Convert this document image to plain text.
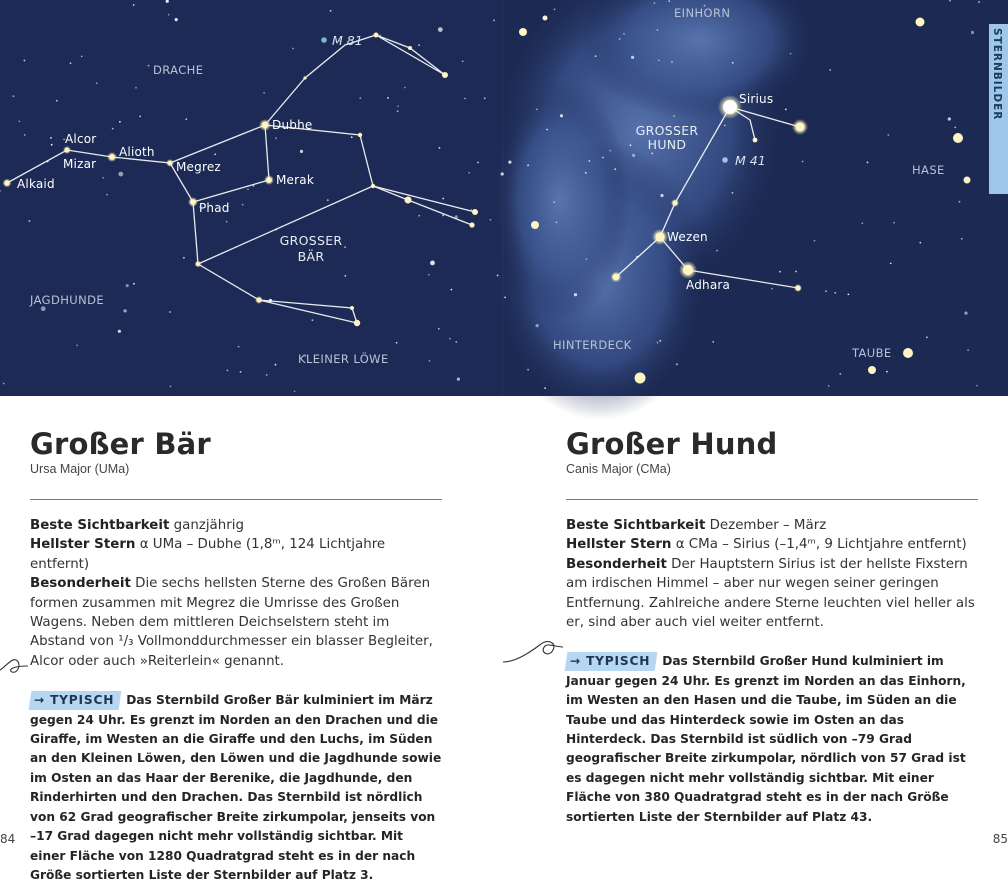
DRACHE
JAGDHUNDE
KLEINER LÖWE
GROSSER
BÄR
EINHORN
GROSSER
HUND
HASE
HINTERDECK
TAUBE
Alkaid
Mizar
Alcor
Alioth
Megrez
Dubhe
Merak
Phad
Sirius
Wezen
Adhara
M 81
M 41
STERNBILDER
Großer Bär
Ursa Major (UMa)
Beste Sichtbarkeit ganzjährig
Hellster Stern α UMa – Dubhe (1,8ᵐ, 124 Lichtjahre entfernt)
Besonderheit Die sechs hellsten Sterne des Großen Bären formen zusammen mit Megrez die Umrisse des Großen Wagens. Neben dem mittleren Deichselstern steht im Abstand von ¹/₃ Vollmonddurchmesser ein blasser Begleiter, Alcor oder auch »Reiterlein« genannt.
→ TYPISCH Das Sternbild Großer Bär kulminiert im März gegen 24 Uhr. Es grenzt im Norden an den Drachen und die Giraffe, im Westen an die Giraffe und den Luchs, im Süden an den Kleinen Löwen, den Löwen und die Jagdhunde sowie im Osten an das Haar der Berenike, die Jagdhunde, den Rinderhirten und den Drachen. Das Sternbild ist nördlich von 62 Grad geografischer Breite zirkumpolar, jenseits von –17 Grad dagegen nicht mehr vollständig sichtbar. Mit einer Fläche von 1280 Quadratgrad steht es in der nach Größe sortierten Liste der Sternbilder auf Platz 3.
Großer Hund
Canis Major (CMa)
Beste Sichtbarkeit Dezember – März
Hellster Stern α CMa – Sirius (–1,4ᵐ, 9 Lichtjahre entfernt)
Besonderheit Der Hauptstern Sirius ist der hellste Fixstern am irdischen Himmel – aber nur wegen seiner geringen Entfernung. Zahlreiche andere Sterne leuchten viel heller als er, sind aber auch viel weiter entfernt.
→ TYPISCH Das Sternbild Großer Hund kulminiert im Januar gegen 24 Uhr. Es grenzt im Norden an das Einhorn, im Westen an den Hasen und die Taube, im Süden an die Taube und das Hinterdeck sowie im Osten an das Hinterdeck. Das Sternbild ist südlich von –79 Grad geografischer Breite zirkumpolar, nördlich von 57 Grad ist es dagegen nicht mehr vollständig sichtbar. Mit einer Fläche von 380 Quadratgrad steht es in der nach Größe sortierten Liste der Sternbilder auf Platz 43.
84	85
